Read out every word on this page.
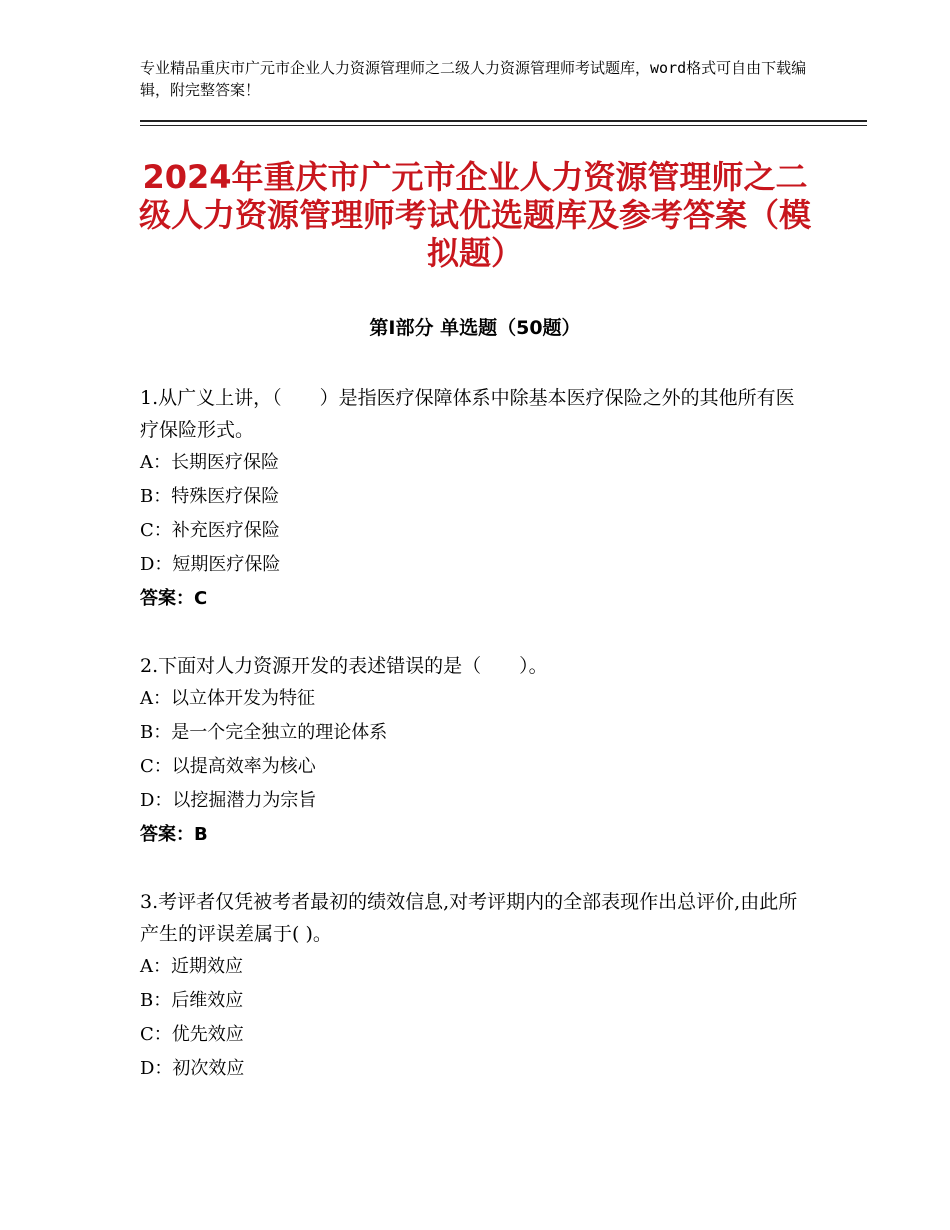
专业精品重庆市广元市企业人力资源管理师之二级人力资源管理师考试题库，word格式可自由下载编辑，附完整答案！
2024年重庆市广元市企业人力资源管理师之二级人力资源管理师考试优选题库及参考答案（模拟题）
第Ⅰ部分 单选题（50题）

1.从广义上讲，（　　）是指医疗保障体系中除基本医疗保险之外的其他所有医疗保险形式。

A：长期医疗保险

B：特殊医疗保险

C：补充医疗保险

D：短期医疗保险

答案：C

2.下面对人力资源开发的表述错误的是（　　）。

A：以立体开发为特征

B：是一个完全独立的理论体系

C：以提高效率为核心

D：以挖掘潜力为宗旨

答案：B

3.考评者仅凭被考者最初的绩效信息,对考评期内的全部表现作出总评价,由此所产生的评误差属于( )。

A：近期效应

B：后维效应

C：优先效应

D：初次效应
